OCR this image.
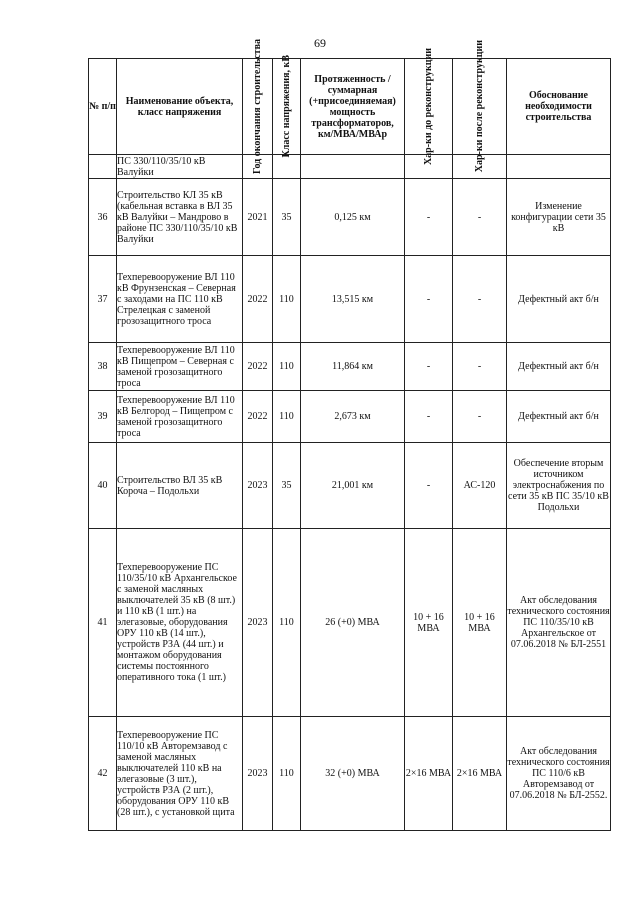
69
№ п/п	Наименование объекта, класс напряжения	Год окончания строительства	Класс напряжения, кВ	Протяженность / суммарная (+присоединяемая) мощность трансформаторов, км/МВА/МВАр	Хар-ки до реконструкции	Хар-ки после реконструкции	Обоснование необходимости строительства
	ПС 330/110/35/10 кВ Валуйки						
36	Строительство КЛ 35 кВ (кабельная вставка в ВЛ 35 кВ Валуйки – Мандрово в районе ПС 330/110/35/10 кВ Валуйки	2021	35	0,125 км	-	-	Изменение конфигурации сети 35 кВ
37	Техперевооружение ВЛ 110 кВ Фрунзенская – Северная с заходами на ПС 110 кВ Стрелецкая с заменой грозозащитного троса	2022	110	13,515 км	-	-	Дефектный акт б/н
38	Техперевооружение ВЛ 110 кВ Пищепром – Северная с заменой грозозащитного троса	2022	110	11,864 км	-	-	Дефектный акт б/н
39	Техперевооружение ВЛ 110 кВ Белгород – Пищепром с заменой грозозащитного троса	2022	110	2,673 км	-	-	Дефектный акт б/н
40	Строительство ВЛ 35 кВ Короча – Подольхи	2023	35	21,001 км	-	АС-120	Обеспечение вторым источником электроснабжения по сети 35 кВ ПС 35/10 кВ Подольхи
41	Техперевооружение ПС 110/35/10 кВ Архангельское с заменой масляных выключателей 35 кВ (8 шт.) и 110 кВ (1 шт.) на элегазовые, оборудования ОРУ 110 кВ (14 шт.), устройств РЗА (44 шт.) и монтажом оборудования системы постоянного оперативного тока (1 шт.)	2023	110	26 (+0) МВА	10 + 16 МВА	10 + 16 МВА	Акт обследования технического состояния ПС 110/35/10 кВ Архангельское от 07.06.2018 № БЛ-2551
42	Техперевооружение ПС 110/10 кВ Авторемзавод с заменой масляных выключателей 110 кВ на элегазовые (3 шт.), устройств РЗА (2 шт.), оборудования ОРУ 110 кВ (28 шт.), с установкой щита	2023	110	32 (+0) МВА	2×16 МВА	2×16 МВА	Акт обследования технического состояния ПС 110/6 кВ Авторемзавод от 07.06.2018 № БЛ-2552.
